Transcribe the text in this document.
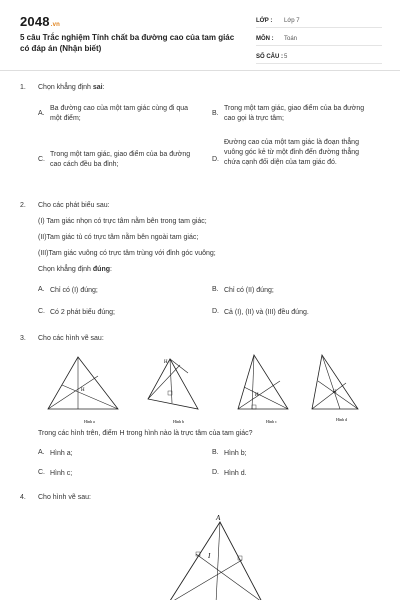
2048.vn
5 câu Trắc nghiệm Tính chất ba đường cao của tam giác có đáp án (Nhận biết)
LỚP :	Lớp 7
MÔN :	Toán
SỐ CÂU : 5
1. Chọn khẳng định sai:
A.
Ba đường cao của một tam giác cùng đi qua một điểm;
B.
Trong một tam giác, giao điểm của ba đường cao gọi là trực tâm;
C.
Trong một tam giác, giao điểm của ba đường cao cách đều ba đỉnh;
D.
Đường cao của một tam giác là đoạn thẳng vuông góc kẻ từ một đỉnh đến đường thẳng chứa cạnh đối diện của tam giác đó.
2. Cho các phát biểu sau:
(I) Tam giác nhọn có trực tâm nằm bên trong tam giác;
(II)Tam giác tù có trực tâm nằm bên ngoài tam giác;
(III)Tam giác vuông có trực tâm trùng với đỉnh góc vuông;
Chọn khẳng định đúng:
A. Chỉ có (I) đúng;	B. Chỉ có (II) đúng;
C. Có 2 phát biểu đúng;	D. Cả (I), (II) và (III) đều đúng.
3. Cho các hình vẽ sau:
H
Hình a
H
Hình b
H
Hình c
H
Hình d
Trong các hình trên, điểm H trong hình nào là trực tâm của tam giác?
A. Hình a;	B. Hình b;
C. Hình c;	D. Hình d.
4. Cho hình vẽ sau:
A
I
